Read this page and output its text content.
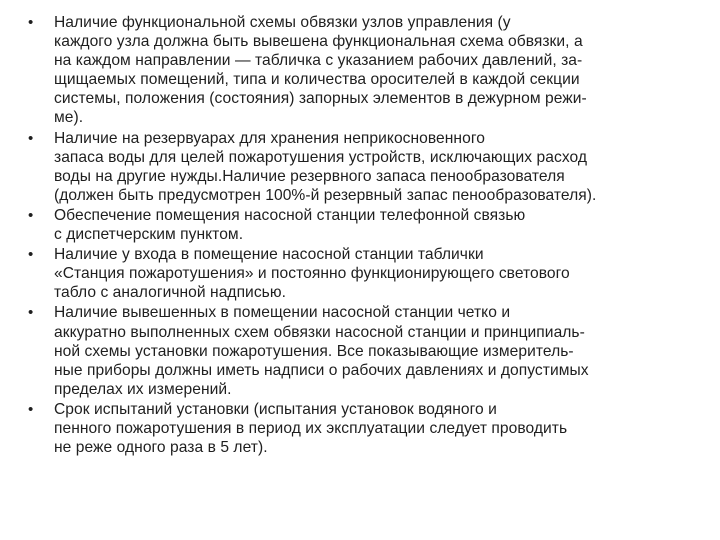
•	Наличие функциональной схемы обвязки узлов управления (у
каждого узла должна быть вывешена функциональная схема обвязки, а
на каждом направлении — табличка с указанием рабочих давлений, за-
щищаемых помещений, типа и количества оросителей в каждой секции
системы, положения (состояния) запорных элементов в дежурном режи-
ме).
•	Наличие на резервуарах для хранения неприкосновенного
запаса воды для целей пожаротушения устройств, исключающих расход
воды на другие нужды.Наличие резервного запаса пенообразователя
(должен быть предусмотрен 100%-й резервный запас пенообразователя).
•	Обеспечение помещения насосной станции телефонной связью
с диспетчерским пунктом.
•	Наличие у входа в помещение насосной станции таблички
«Станция пожаротушения» и постоянно функционирующего светового
табло с аналогичной надписью.
•	Наличие вывешенных в помещении насосной станции четко и
аккуратно выполненных схем обвязки насосной станции и принципиаль-
ной схемы установки пожаротушения. Все показывающие измеритель-
ные приборы должны иметь надписи о рабочих давлениях и допустимых
пределах их измерений.
•	Срок испытаний установки (испытания установок водяного и
пенного пожаротушения в период их эксплуатации следует проводить
не реже одного раза в 5 лет).
